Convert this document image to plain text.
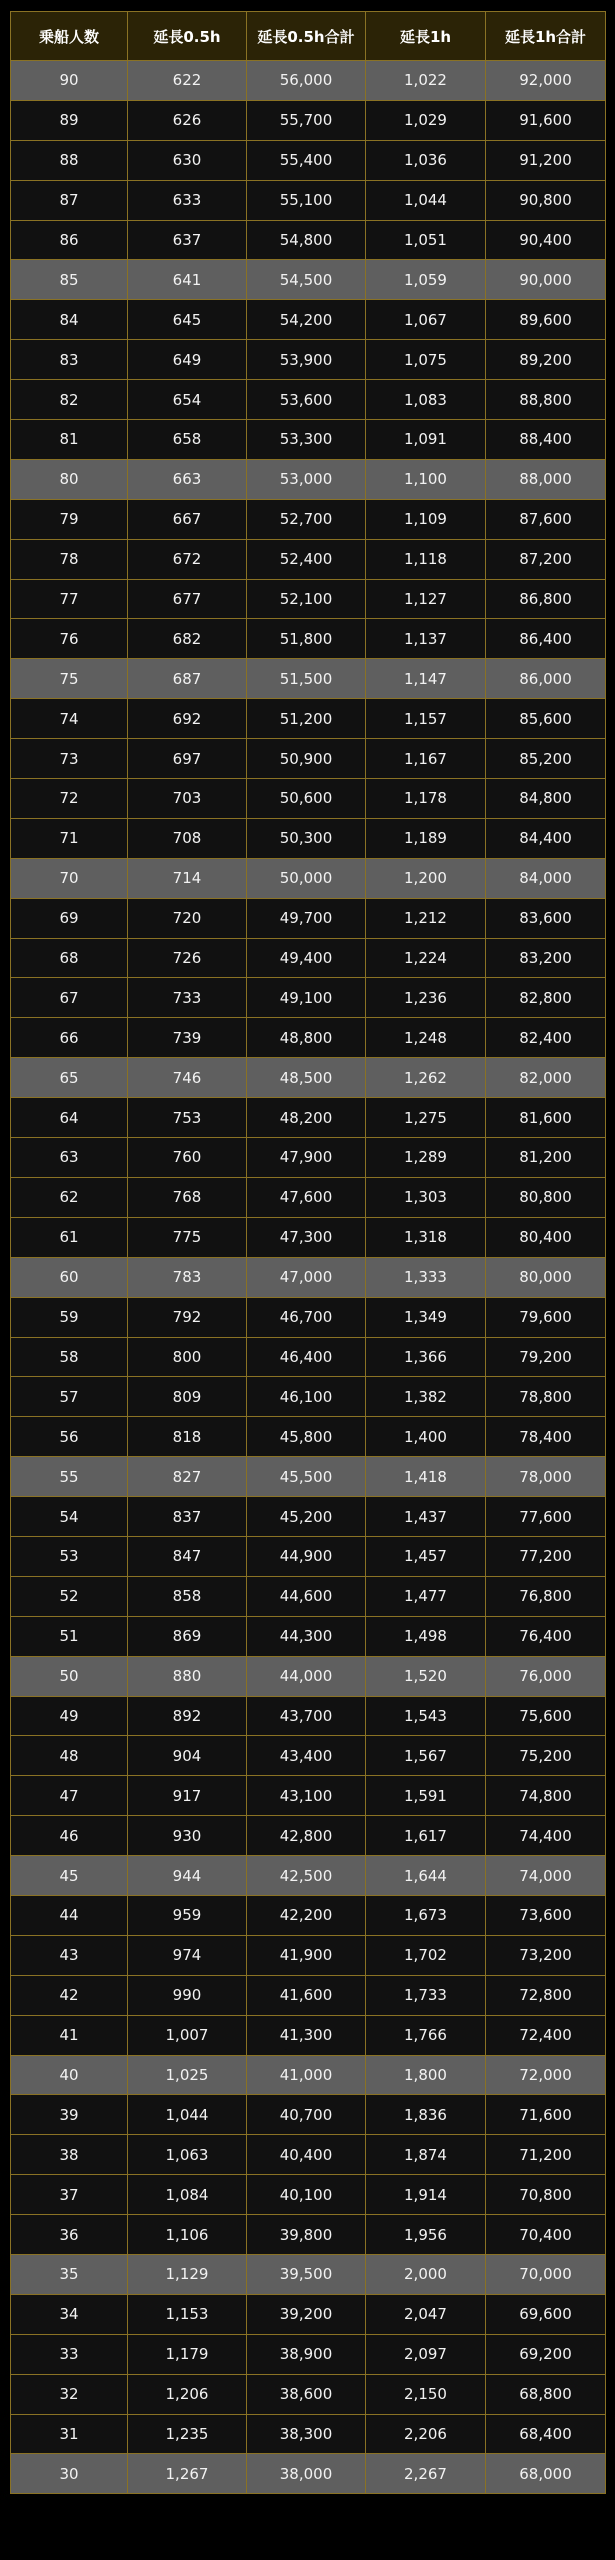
乗船人数	延長0.5h	延長0.5h合計	延長1h	延長1h合計
90	622	56,000	1,022	92,000
89	626	55,700	1,029	91,600
88	630	55,400	1,036	91,200
87	633	55,100	1,044	90,800
86	637	54,800	1,051	90,400
85	641	54,500	1,059	90,000
84	645	54,200	1,067	89,600
83	649	53,900	1,075	89,200
82	654	53,600	1,083	88,800
81	658	53,300	1,091	88,400
80	663	53,000	1,100	88,000
79	667	52,700	1,109	87,600
78	672	52,400	1,118	87,200
77	677	52,100	1,127	86,800
76	682	51,800	1,137	86,400
75	687	51,500	1,147	86,000
74	692	51,200	1,157	85,600
73	697	50,900	1,167	85,200
72	703	50,600	1,178	84,800
71	708	50,300	1,189	84,400
70	714	50,000	1,200	84,000
69	720	49,700	1,212	83,600
68	726	49,400	1,224	83,200
67	733	49,100	1,236	82,800
66	739	48,800	1,248	82,400
65	746	48,500	1,262	82,000
64	753	48,200	1,275	81,600
63	760	47,900	1,289	81,200
62	768	47,600	1,303	80,800
61	775	47,300	1,318	80,400
60	783	47,000	1,333	80,000
59	792	46,700	1,349	79,600
58	800	46,400	1,366	79,200
57	809	46,100	1,382	78,800
56	818	45,800	1,400	78,400
55	827	45,500	1,418	78,000
54	837	45,200	1,437	77,600
53	847	44,900	1,457	77,200
52	858	44,600	1,477	76,800
51	869	44,300	1,498	76,400
50	880	44,000	1,520	76,000
49	892	43,700	1,543	75,600
48	904	43,400	1,567	75,200
47	917	43,100	1,591	74,800
46	930	42,800	1,617	74,400
45	944	42,500	1,644	74,000
44	959	42,200	1,673	73,600
43	974	41,900	1,702	73,200
42	990	41,600	1,733	72,800
41	1,007	41,300	1,766	72,400
40	1,025	41,000	1,800	72,000
39	1,044	40,700	1,836	71,600
38	1,063	40,400	1,874	71,200
37	1,084	40,100	1,914	70,800
36	1,106	39,800	1,956	70,400
35	1,129	39,500	2,000	70,000
34	1,153	39,200	2,047	69,600
33	1,179	38,900	2,097	69,200
32	1,206	38,600	2,150	68,800
31	1,235	38,300	2,206	68,400
30	1,267	38,000	2,267	68,000
